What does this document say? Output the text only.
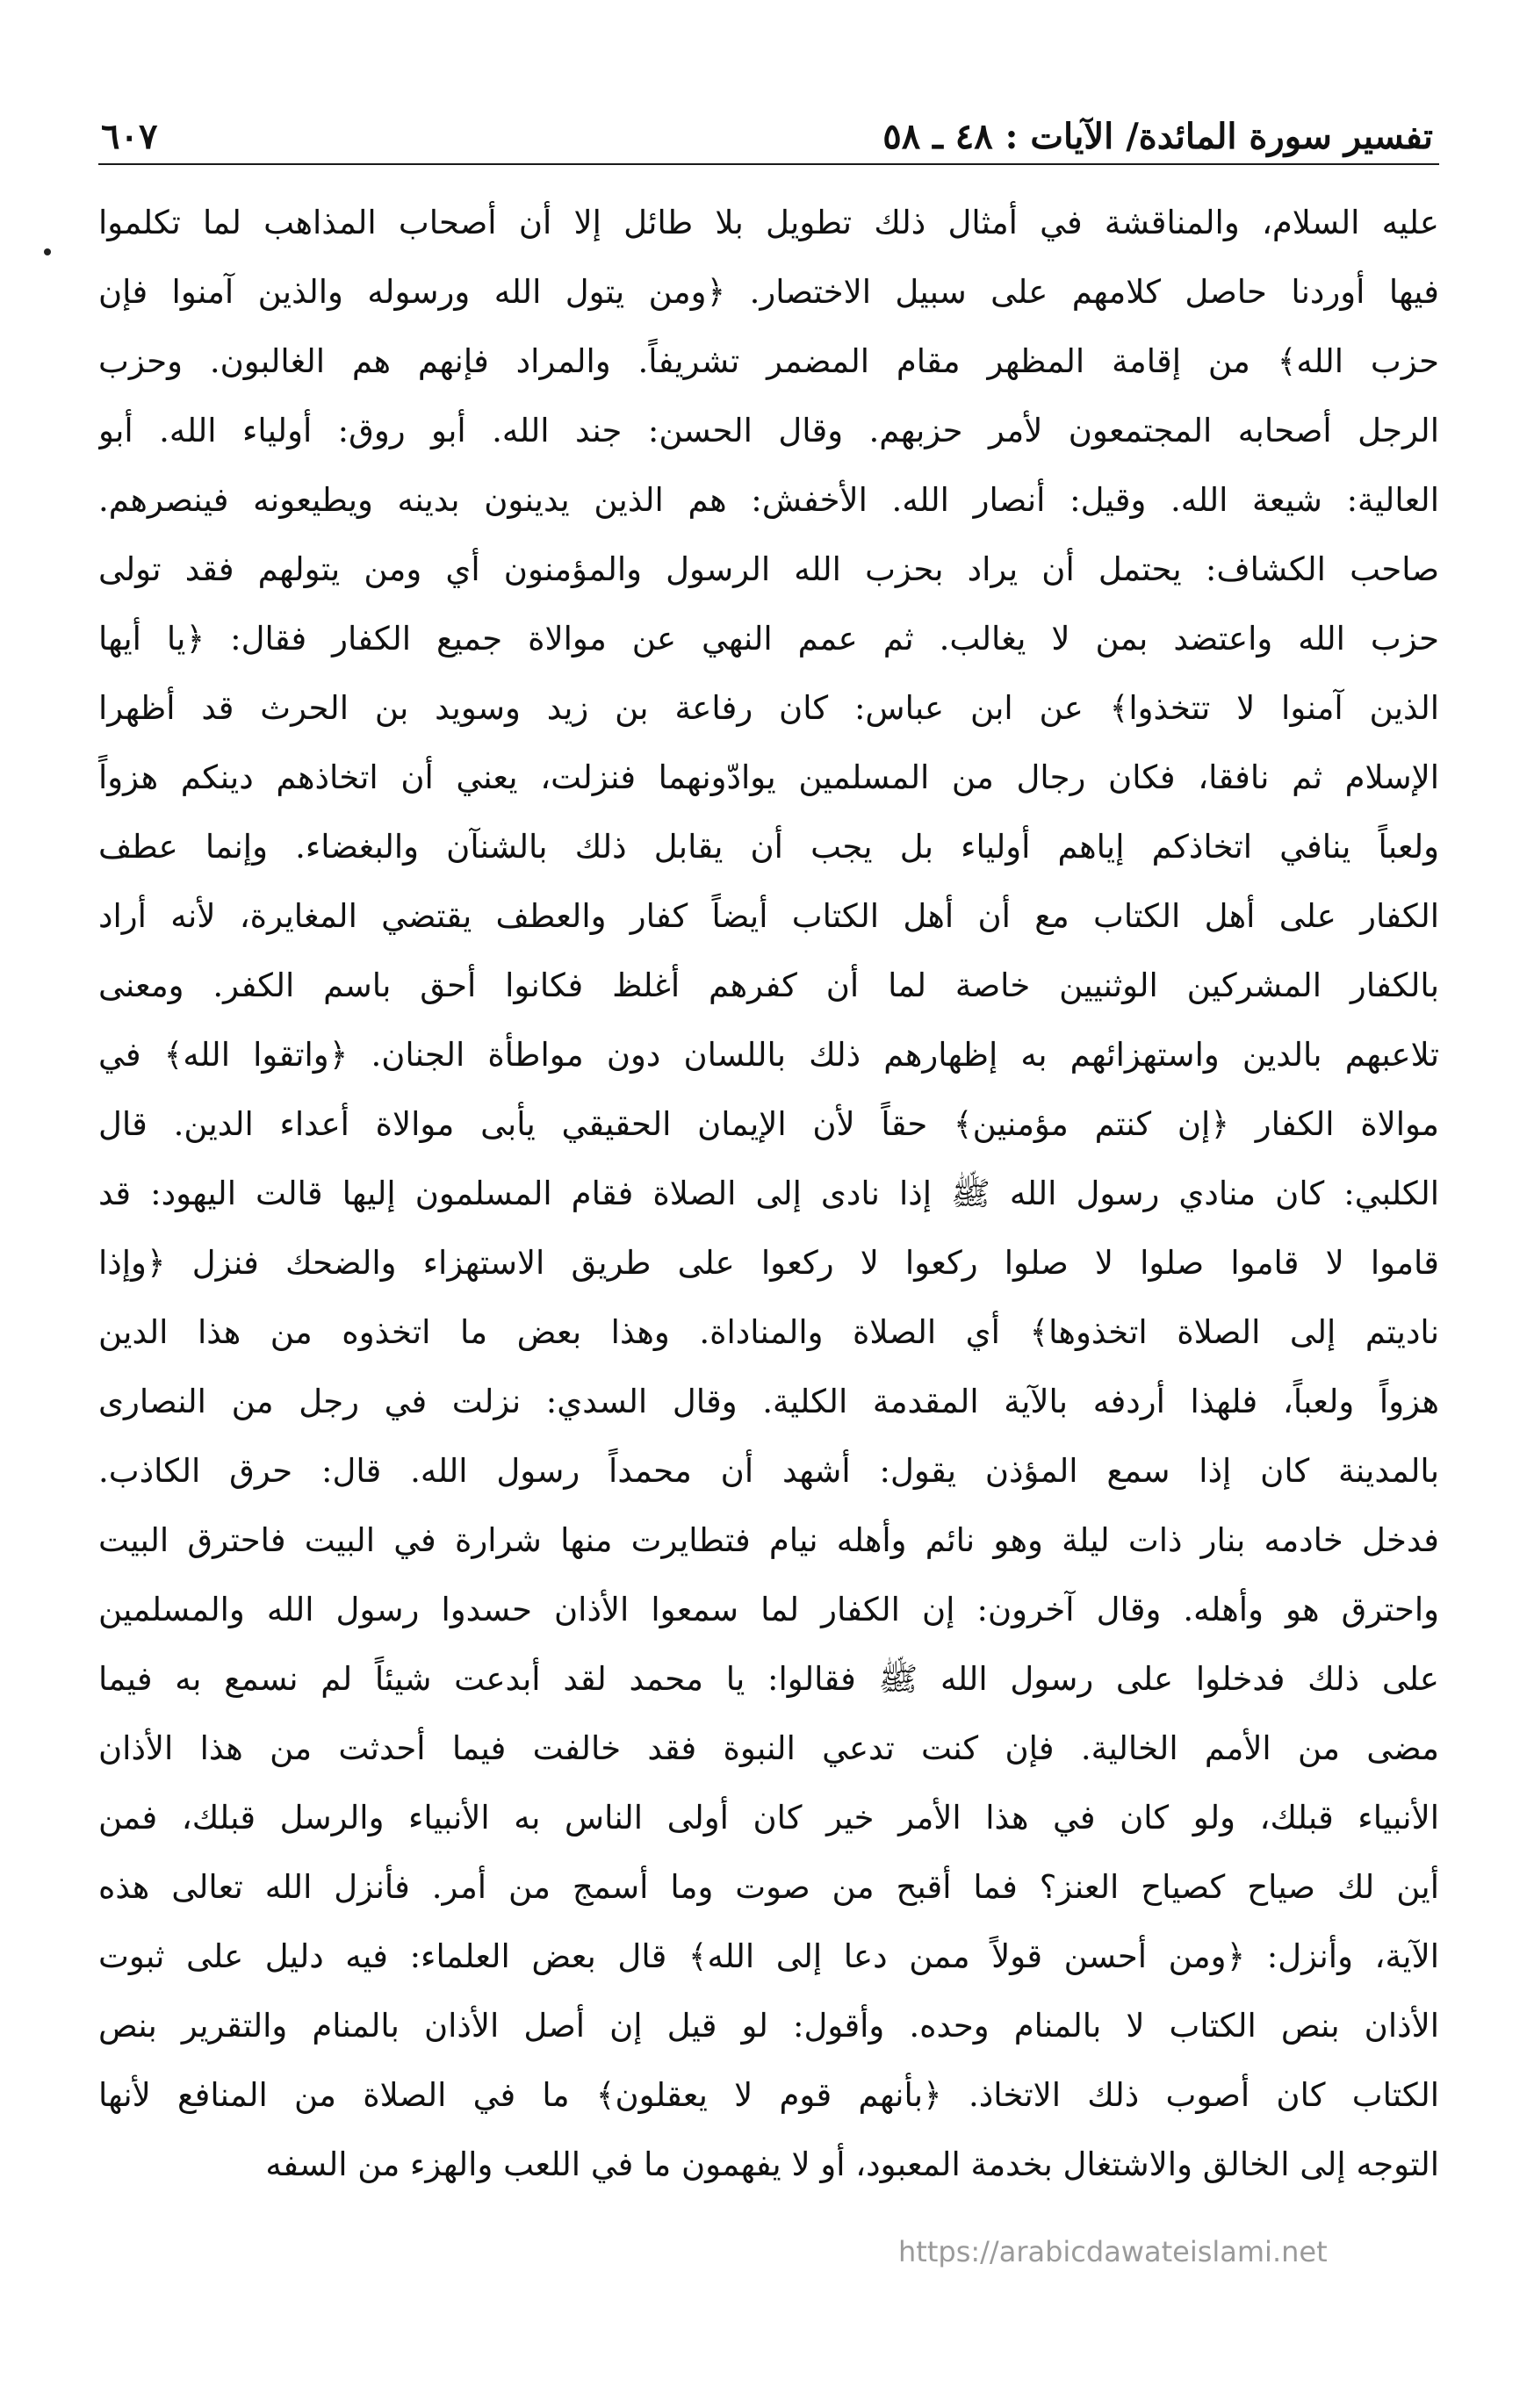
تفسير سورة المائدة/ الآيات : ٤٨ ـ ٥٨
٦٠٧
عليه السلام، والمناقشة في أمثال ذلك تطويل بلا طائل إلا أن أصحاب المذاهب لما تكلموا
فيها أوردنا حاصل كلامهم على سبيل الاختصار. ﴿ومن يتول الله ورسوله والذين آمنوا فإن
حزب الله﴾ من إقامة المظهر مقام المضمر تشريفاً. والمراد فإنهم هم الغالبون. وحزب
الرجل أصحابه المجتمعون لأمر حزبهم. وقال الحسن: جند الله. أبو روق: أولياء الله. أبو
العالية: شيعة الله. وقيل: أنصار الله. الأخفش: هم الذين يدينون بدينه ويطيعونه فينصرهم.
صاحب الكشاف: يحتمل أن يراد بحزب الله الرسول والمؤمنون أي ومن يتولهم فقد تولى
حزب الله واعتضد بمن لا يغالب. ثم عمم النهي عن موالاة جميع الكفار فقال: ﴿يا أيها
الذين آمنوا لا تتخذوا﴾ عن ابن عباس: كان رفاعة بن زيد وسويد بن الحرث قد أظهرا
الإسلام ثم نافقا، فكان رجال من المسلمين يوادّونهما فنزلت، يعني أن اتخاذهم دينكم هزواً
ولعباً ينافي اتخاذكم إياهم أولياء بل يجب أن يقابل ذلك بالشنآن والبغضاء. وإنما عطف
الكفار على أهل الكتاب مع أن أهل الكتاب أيضاً كفار والعطف يقتضي المغايرة، لأنه أراد
بالكفار المشركين الوثنيين خاصة لما أن كفرهم أغلظ فكانوا أحق باسم الكفر. ومعنى
تلاعبهم بالدين واستهزائهم به إظهارهم ذلك باللسان دون مواطأة الجنان. ﴿واتقوا الله﴾ في
موالاة الكفار ﴿إن كنتم مؤمنين﴾ حقاً لأن الإيمان الحقيقي يأبى موالاة أعداء الدين. قال
الكلبي: كان منادي رسول الله ﷺ إذا نادى إلى الصلاة فقام المسلمون إليها قالت اليهود: قد
قاموا لا قاموا صلوا لا صلوا ركعوا لا ركعوا على طريق الاستهزاء والضحك فنزل ﴿وإذا
ناديتم إلى الصلاة اتخذوها﴾ أي الصلاة والمناداة. وهذا بعض ما اتخذوه من هذا الدين
هزواً ولعباً، فلهذا أردفه بالآية المقدمة الكلية. وقال السدي: نزلت في رجل من النصارى
بالمدينة كان إذا سمع المؤذن يقول: أشهد أن محمداً رسول الله. قال: حرق الكاذب.
فدخل خادمه بنار ذات ليلة وهو نائم وأهله نيام فتطايرت منها شرارة في البيت فاحترق البيت
واحترق هو وأهله. وقال آخرون: إن الكفار لما سمعوا الأذان حسدوا رسول الله والمسلمين
على ذلك فدخلوا على رسول الله ﷺ فقالوا: يا محمد لقد أبدعت شيئاً لم نسمع به فيما
مضى من الأمم الخالية. فإن كنت تدعي النبوة فقد خالفت فيما أحدثت من هذا الأذان
الأنبياء قبلك، ولو كان في هذا الأمر خير كان أولى الناس به الأنبياء والرسل قبلك، فمن
أين لك صياح كصياح العنز؟ فما أقبح من صوت وما أسمج من أمر. فأنزل الله تعالى هذه
الآية، وأنزل: ﴿ومن أحسن قولاً ممن دعا إلى الله﴾ قال بعض العلماء: فيه دليل على ثبوت
الأذان بنص الكتاب لا بالمنام وحده. وأقول: لو قيل إن أصل الأذان بالمنام والتقرير بنص
الكتاب كان أصوب ذلك الاتخاذ. ﴿بأنهم قوم لا يعقلون﴾ ما في الصلاة من المنافع لأنها
التوجه إلى الخالق والاشتغال بخدمة المعبود، أو لا يفهمون ما في اللعب والهزء من السفه
https://arabicdawateislami.net
